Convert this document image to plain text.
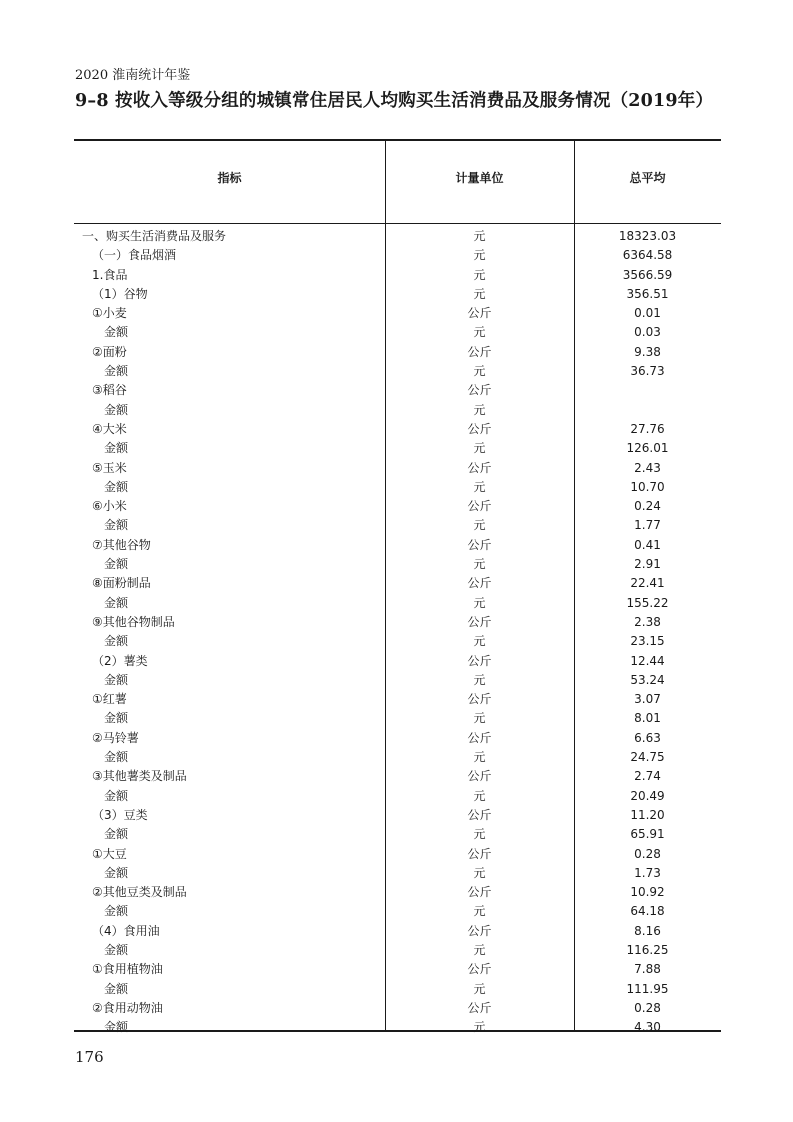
2020 淮南统计年鉴
9–8 按收入等级分组的城镇常住居民人均购买生活消费品及服务情况（2019年）
指标	计量单位	总平均
一、购买生活消费品及服务	元	18323.03
（一）食品烟酒	元	6364.58
1.食品	元	3566.59
（1）谷物	元	356.51
①小麦	公斤	0.01
金额	元	0.03
②面粉	公斤	9.38
金额	元	36.73
③稻谷	公斤
金额	元
④大米	公斤	27.76
金额	元	126.01
⑤玉米	公斤	2.43
金额	元	10.70
⑥小米	公斤	0.24
金额	元	1.77
⑦其他谷物	公斤	0.41
金额	元	2.91
⑧面粉制品	公斤	22.41
金额	元	155.22
⑨其他谷物制品	公斤	2.38
金额	元	23.15
（2）薯类	公斤	12.44
金额	元	53.24
①红薯	公斤	3.07
金额	元	8.01
②马铃薯	公斤	6.63
金额	元	24.75
③其他薯类及制品	公斤	2.74
金额	元	20.49
（3）豆类	公斤	11.20
金额	元	65.91
①大豆	公斤	0.28
金额	元	1.73
②其他豆类及制品	公斤	10.92
金额	元	64.18
（4）食用油	公斤	8.16
金额	元	116.25
①食用植物油	公斤	7.88
金额	元	111.95
②食用动物油	公斤	0.28
金额	元	4.30
176
